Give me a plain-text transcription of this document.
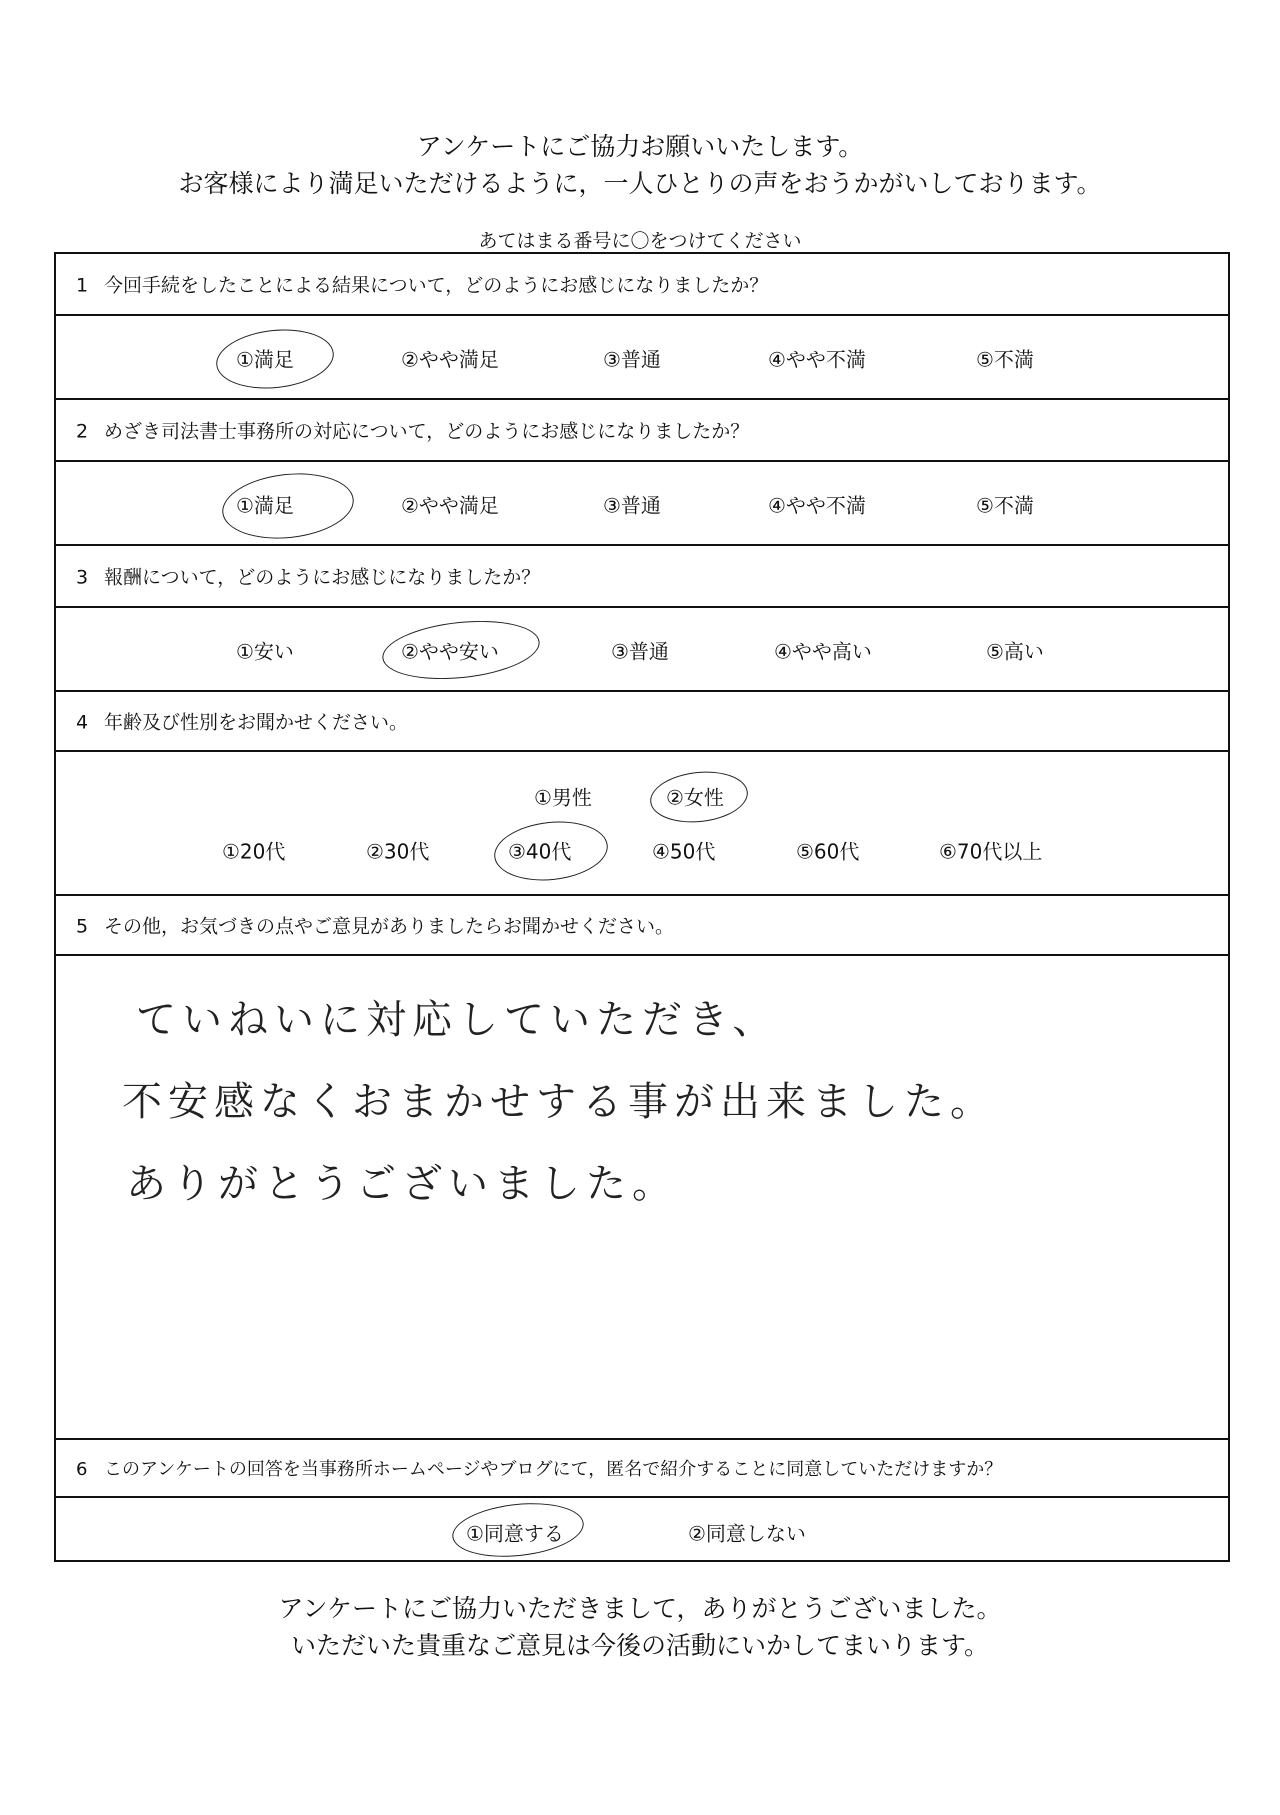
アンケートにご協力お願いいたします。
お客様により満足いただけるように，一人ひとりの声をおうかがいしております。
あてはまる番号に〇をつけてください
1 今回手続をしたことによる結果について，どのようにお感じになりましたか？
①満足	②やや満足	③普通	④やや不満	⑤不満
2 めざき司法書士事務所の対応について，どのようにお感じになりましたか？
①満足	②やや満足	③普通	④やや不満	⑤不満
3 報酬について，どのようにお感じになりましたか？
①安い	②やや安い	③普通	④やや高い	⑤高い
4 年齢及び性別をお聞かせください。
①男性	②女性
①20代	②30代	③40代	④50代	⑤60代	⑥70代以上
5 その他，お気づきの点やご意見がありましたらお聞かせください。
ていねいに対応していただき、
不安感なくおまかせする事が出来ました。
ありがとうございました。
6 このアンケートの回答を当事務所ホームページやブログにて，匿名で紹介することに同意していただけますか？
①同意する	②同意しない
アンケートにご協力いただきまして，ありがとうございました。
いただいた貴重なご意見は今後の活動にいかしてまいります。
